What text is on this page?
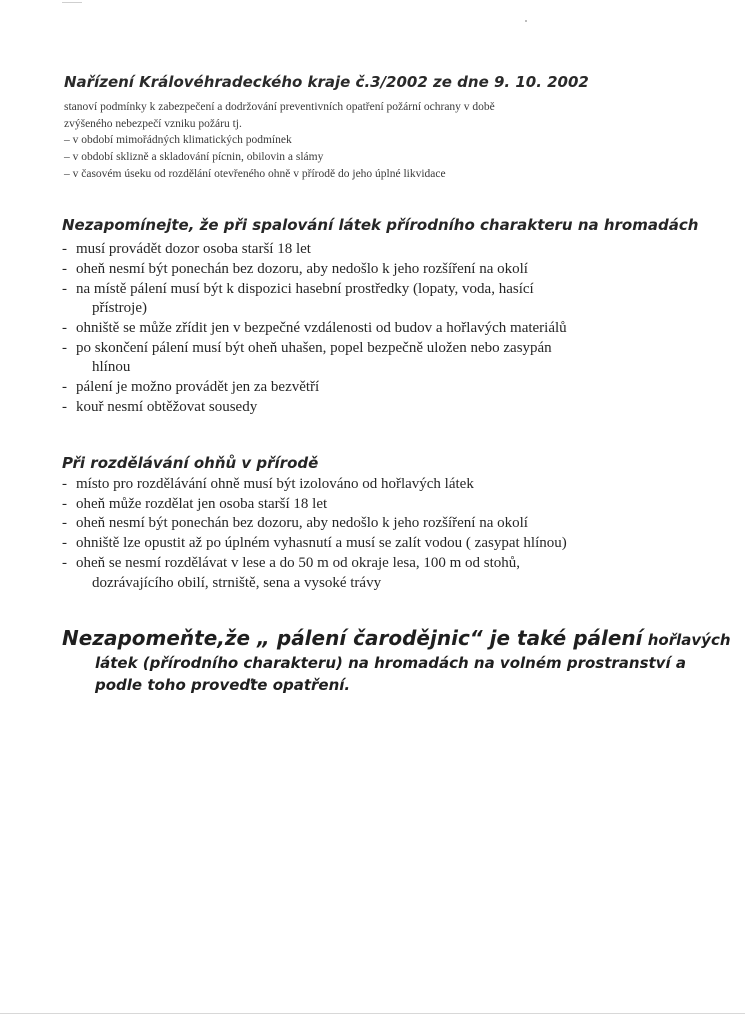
Nařízení Královéhradeckého kraje č.3/2002 ze dne 9. 10. 2002
stanoví podmínky k zabezpečení a dodržování preventivních opatření požární ochrany v době
zvýšeného nebezpečí vzniku požáru tj.
– v období mimořádných klimatických podmínek
– v období sklizně a skladování pícnin, obilovin a slámy
– v časovém úseku od rozdělání otevřeného ohně v přírodě do jeho úplné likvidace
Nezapomínejte, že při spalování látek přírodního charakteru na hromadách
- musí provádět dozor osoba starší 18 let
- oheň nesmí být ponechán bez dozoru, aby nedošlo k jeho rozšíření na okolí
- na místě pálení musí být k dispozici hasební prostředky (lopaty, voda, hasící
přístroje)
- ohniště se může zřídit jen v bezpečné vzdálenosti od budov a hořlavých materiálů
- po skončení pálení musí být oheň uhašen, popel bezpečně uložen nebo zasypán
hlínou
- pálení je možno provádět jen za bezvětří
- kouř nesmí obtěžovat sousedy
Při rozdělávání ohňů v přírodě
- místo pro rozdělávání ohně musí být izolováno od hořlavých látek
- oheň může rozdělat jen osoba starší 18 let
- oheň nesmí být ponechán bez dozoru, aby nedošlo k jeho rozšíření na okolí
- ohniště lze opustit až po úplném vyhasnutí a musí se zalít vodou ( zasypat hlínou)
- oheň se nesmí rozdělávat v lese a do 50 m od okraje lesa, 100 m od stohů,
dozrávajícího obilí, strniště, sena a vysoké trávy
Nezapomeňte,že „ pálení čarodějnic“ je také pálení hořlavých
látek (přírodního charakteru) na hromadách na volném prostranství a
podle toho proveďte opatření.
